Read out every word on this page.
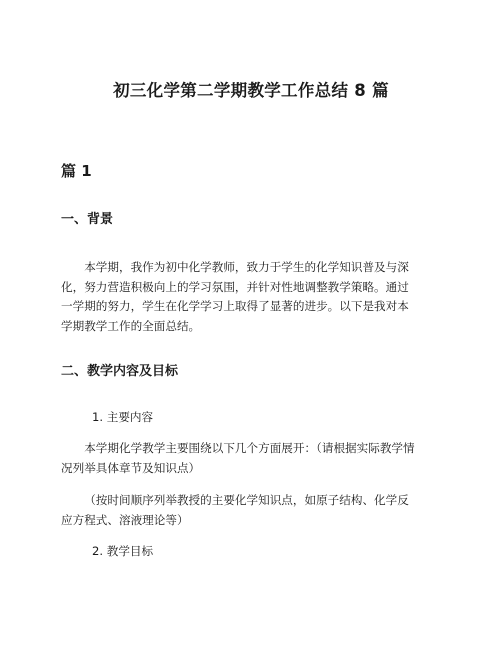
初三化学第二学期教学工作总结 8 篇
篇 1
一、背景
本学期，我作为初中化学教师，致力于学生的化学知识普及与深
化，努力营造积极向上的学习氛围，并针对性地调整教学策略。通过
一学期的努力，学生在化学学习上取得了显著的进步。以下是我对本
学期教学工作的全面总结。
二、教学内容及目标
1. 主要内容
本学期化学教学主要围绕以下几个方面展开：（请根据实际教学情
况列举具体章节及知识点）
（按时间顺序列举教授的主要化学知识点，如原子结构、化学反
应方程式、溶液理论等）
2. 教学目标
